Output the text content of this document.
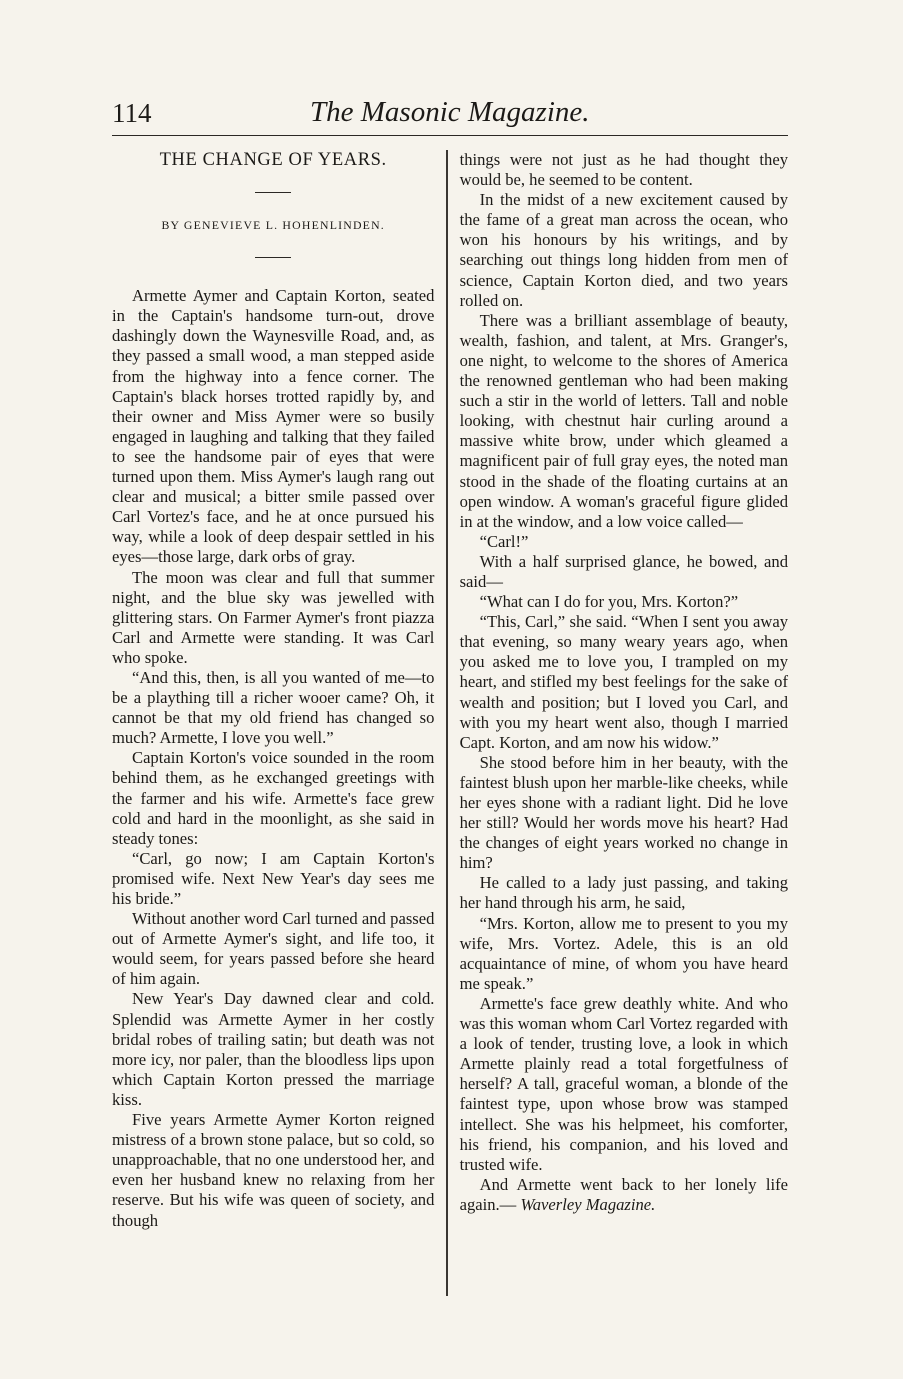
114	The Masonic Magazine.

THE CHANGE OF YEARS.

BY GENEVIEVE L. HOHENLINDEN.

Armette Aymer and Captain Korton, seated in the Captain's handsome turn-out, drove dashingly down the Waynesville Road, and, as they passed a small wood, a man stepped aside from the highway into a fence corner. The Captain's black horses trotted rapidly by, and their owner and Miss Aymer were so busily engaged in laughing and talking that they failed to see the handsome pair of eyes that were turned upon them. Miss Aymer's laugh rang out clear and musical; a bitter smile passed over Carl Vortez's face, and he at once pursued his way, while a look of deep despair settled in his eyes—those large, dark orbs of gray.

The moon was clear and full that summer night, and the blue sky was jewelled with glittering stars. On Farmer Aymer's front piazza Carl and Armette were standing. It was Carl who spoke.

“And this, then, is all you wanted of me—to be a plaything till a richer wooer came? Oh, it cannot be that my old friend has changed so much? Armette, I love you well.”

Captain Korton's voice sounded in the room behind them, as he exchanged greetings with the farmer and his wife. Armette's face grew cold and hard in the moonlight, as she said in steady tones:

“Carl, go now; I am Captain Korton's promised wife. Next New Year's day sees me his bride.”

Without another word Carl turned and passed out of Armette Aymer's sight, and life too, it would seem, for years passed before she heard of him again.

New Year's Day dawned clear and cold. Splendid was Armette Aymer in her costly bridal robes of trailing satin; but death was not more icy, nor paler, than the bloodless lips upon which Captain Korton pressed the marriage kiss.

Five years Armette Aymer Korton reigned mistress of a brown stone palace, but so cold, so unapproachable, that no one understood her, and even her husband knew no relaxing from her reserve. But his wife was queen of society, and though

things were not just as he had thought they would be, he seemed to be content.

In the midst of a new excitement caused by the fame of a great man across the ocean, who won his honours by his writings, and by searching out things long hidden from men of science, Captain Korton died, and two years rolled on.

There was a brilliant assemblage of beauty, wealth, fashion, and talent, at Mrs. Granger's, one night, to welcome to the shores of America the renowned gentleman who had been making such a stir in the world of letters. Tall and noble looking, with chestnut hair curling around a massive white brow, under which gleamed a magnificent pair of full gray eyes, the noted man stood in the shade of the floating curtains at an open window. A woman's graceful figure glided in at the window, and a low voice called—

“Carl!”

With a half surprised glance, he bowed, and said—

“What can I do for you, Mrs. Korton?”

“This, Carl,” she said. “When I sent you away that evening, so many weary years ago, when you asked me to love you, I trampled on my heart, and stifled my best feelings for the sake of wealth and position; but I loved you Carl, and with you my heart went also, though I married Capt. Korton, and am now his widow.”

She stood before him in her beauty, with the faintest blush upon her marble-like cheeks, while her eyes shone with a radiant light. Did he love her still? Would her words move his heart? Had the changes of eight years worked no change in him?

He called to a lady just passing, and taking her hand through his arm, he said,

“Mrs. Korton, allow me to present to you my wife, Mrs. Vortez. Adele, this is an old acquaintance of mine, of whom you have heard me speak.”

Armette's face grew deathly white. And who was this woman whom Carl Vortez regarded with a look of tender, trusting love, a look in which Armette plainly read a total forgetfulness of herself? A tall, graceful woman, a blonde of the faintest type, upon whose brow was stamped intellect. She was his helpmeet, his comforter, his friend, his companion, and his loved and trusted wife.

And Armette went back to her lonely life again.— Waverley Magazine.
